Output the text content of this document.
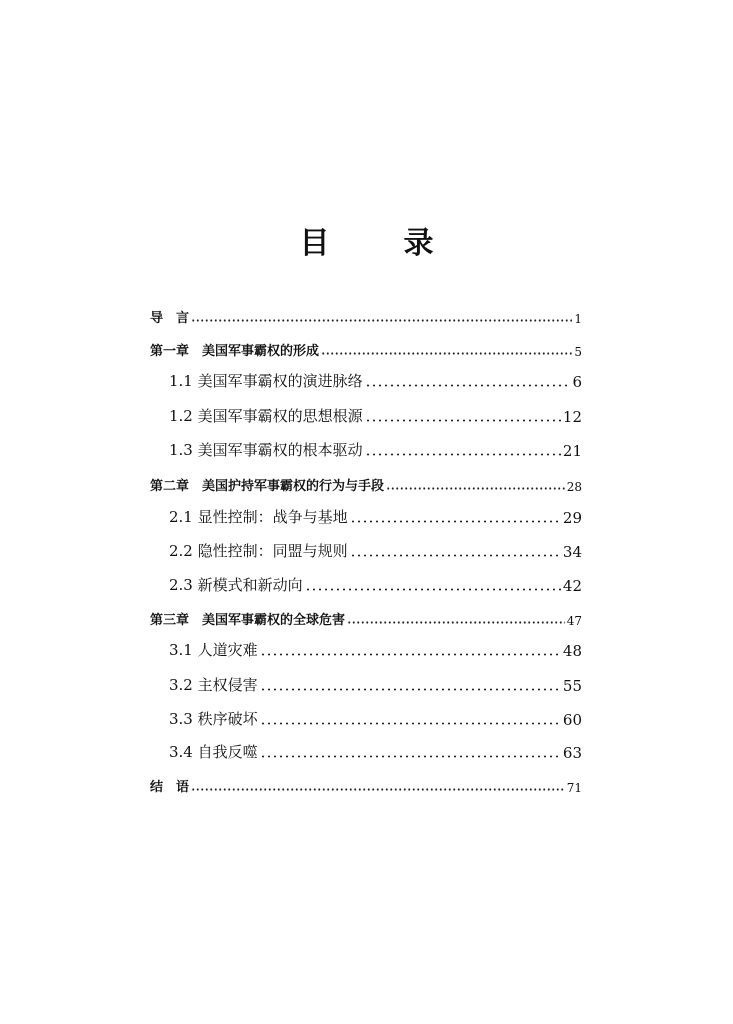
目　录
导　言	1
第一章　美国军事霸权的形成	5
1.1 美国军事霸权的演进脉络	6
1.2 美国军事霸权的思想根源	12
1.3 美国军事霸权的根本驱动	21
第二章　美国护持军事霸权的行为与手段	28
2.1 显性控制：战争与基地	29
2.2 隐性控制：同盟与规则	34
2.3 新模式和新动向	42
第三章　美国军事霸权的全球危害	47
3.1 人道灾难	48
3.2 主权侵害	55
3.3 秩序破坏	60
3.4 自我反噬	63
结　语	71
